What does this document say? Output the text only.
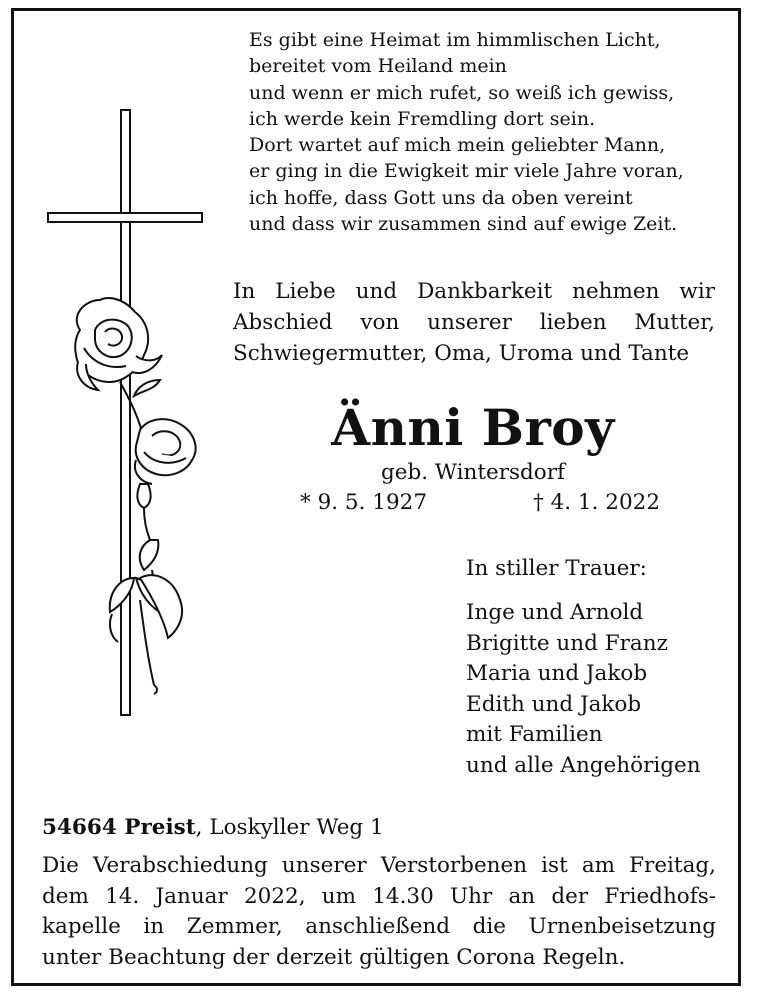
Es gibt eine Heimat im himmlischen Licht,
bereitet vom Heiland mein
und wenn er mich rufet, so weiß ich gewiss,
ich werde kein Fremdling dort sein.
Dort wartet auf mich mein geliebter Mann,
er ging in die Ewigkeit mir viele Jahre voran,
ich hoffe, dass Gott uns da oben vereint
und dass wir zusammen sind auf ewige Zeit.
In Liebe und Dankbarkeit nehmen wir
Abschied von unserer lieben Mutter,
Schwiegermutter, Oma, Uroma und Tante
Änni Broy
geb. Wintersdorf
* 9. 5. 1927	† 4. 1. 2022
In stiller Trauer:
Inge und Arnold
Brigitte und Franz
Maria und Jakob
Edith und Jakob
mit Familien
und alle Angehörigen
54664 Preist, Loskyller Weg 1
Die Verabschiedung unserer Verstorbenen ist am Freitag,
dem 14. Januar 2022, um 14.30 Uhr an der Friedhofs-
kapelle in Zemmer, anschließend die Urnenbeisetzung
unter Beachtung der derzeit gültigen Corona Regeln.
